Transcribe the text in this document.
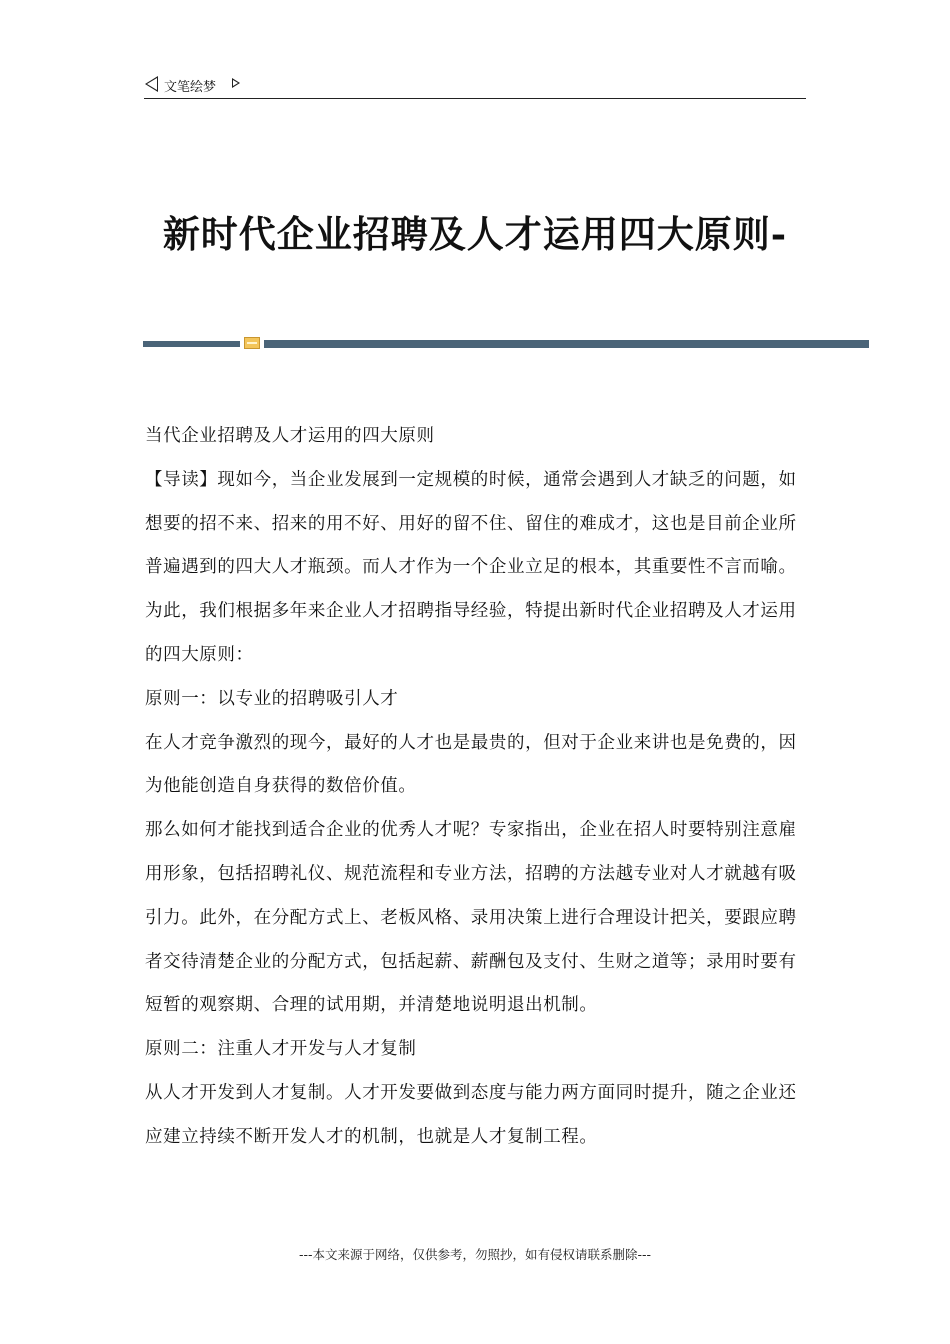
文笔绘梦
新时代企业招聘及人才运用四大原则-

当代企业招聘及人才运用的四大原则

【导读】现如今，当企业发展到一定规模的时候，通常会遇到人才缺乏的问题，如想要的招不来、招来的用不好、用好的留不住、留住的难成才，这也是目前企业所普遍遇到的四大人才瓶颈。而人才作为一个企业立足的根本，其重要性不言而喻。为此，我们根据多年来企业人才招聘指导经验，特提出新时代企业招聘及人才运用的四大原则：

原则一：以专业的招聘吸引人才

在人才竞争激烈的现今，最好的人才也是最贵的，但对于企业来讲也是免费的，因为他能创造自身获得的数倍价值。

那么如何才能找到适合企业的优秀人才呢？专家指出，企业在招人时要特别注意雇用形象，包括招聘礼仪、规范流程和专业方法，招聘的方法越专业对人才就越有吸引力。此外，在分配方式上、老板风格、录用决策上进行合理设计把关，要跟应聘者交待清楚企业的分配方式，包括起薪、薪酬包及支付、生财之道等；录用时要有短暂的观察期、合理的试用期，并清楚地说明退出机制。

原则二：注重人才开发与人才复制

从人才开发到人才复制。人才开发要做到态度与能力两方面同时提升，随之企业还应建立持续不断开发人才的机制，也就是人才复制工程。

---本文来源于网络，仅供参考，勿照抄，如有侵权请联系删除---
